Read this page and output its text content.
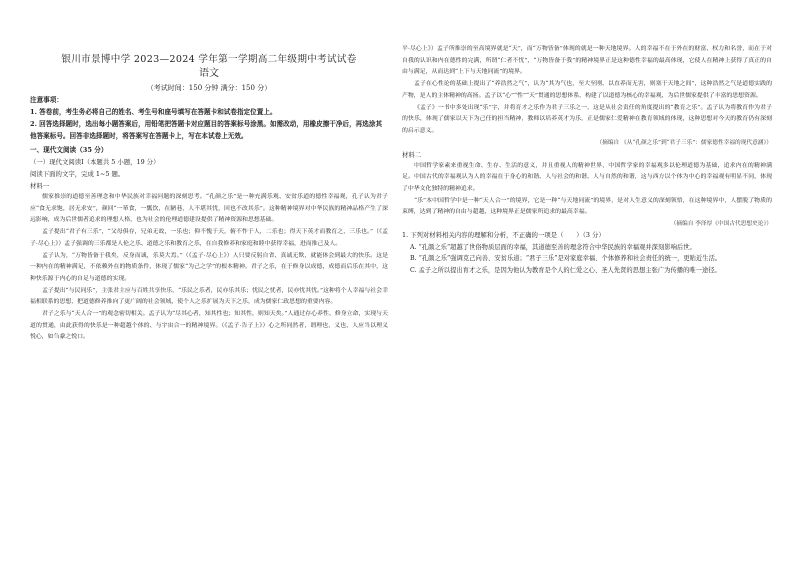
银川市景博中学 2023—2024 学年第一学期高二年级期中考试试卷
语文
（考试时间：150 分钟 满分：150 分）
注意事项：
1. 答卷前，考生务必将自己的姓名、考生号和座号填写在答题卡和试卷指定位置上。
2. 回答选择题时，选出每小题答案后，用铅笔把答题卡对应题目的答案标号涂黑。如需改动，用橡皮擦干净后，再选涂其他答案标号。回答非选择题时，将答案写在答题卡上，写在本试卷上无效。
一、现代文阅读（35 分）
（一）现代文阅读Ⅰ（本题共 5 小题，19 分）
阅读下面的文字，完成 1~5 题。
材料一

儒家推崇的道德至善理念和中华民族对幸福问题的深刻思考。“孔颜之乐”是一种充满乐观、安贫乐道的德性幸福观，孔子认为君子应“食无求饱，居无求安”，颜回“一箪食，一瓢饮，在陋巷，人不堪其忧，回也不改其乐”。这种精神境界对中华民族的精神品格产生了深远影响，成为后世儒者追求的理想人格，也为社会的伦理道德建设提供了精神资源和思想基础。

孟子提出“君子有三乐”，“父母俱存，兄弟无故，一乐也；仰不愧于天，俯不怍于人，二乐也；得天下英才而教育之，三乐也。”（《孟子·尽心上》）孟子强调的三乐都是人伦之乐、道德之乐和教育之乐，在自我修养和家庭和睦中获得幸福，进而推己及人。

孟子认为，“万物皆备于我矣，反身而诚，乐莫大焉。”（《孟子·尽心上》）人只要反躬自省、真诚无欺，就能体会到最大的快乐。这是一种内在的精神满足，不依赖外在的物质条件，体现了儒家“为己之学”的根本精神。君子之乐，在于修身以成德，成德而后乐在其中，这种快乐源于内心的自足与道德的实现。

孟子提出“与民同乐”，主张君主应与百姓共享快乐，“乐民之乐者，民亦乐其乐；忧民之忧者，民亦忧其忧。”这种将个人幸福与社会幸福相联系的思想，把道德修养推向了更广阔的社会领域，使个人之乐扩展为天下之乐，成为儒家仁政思想的重要内容。

君子之乐与“天人合一”的观念密切相关。孟子认为“尽其心者，知其性也；知其性，则知天矣。”人通过存心养性、修身立命，实现与天道的贯通，由此获得的快乐是一种超越个体的、与宇宙合一的精神境界。（《孟子·告子上》）心之所同然者，谓理也，义也，人应当以理义悦心，如刍豢之悦口。

平·尽心上》）孟子所推崇的至高境界就是“天”，而“万物皆备”体现的就是一种天地境界。人的幸福不在于外在的财富、权力和名誉，而在于对自我的认识和内在德性的完满，所谓“仁者不忧”，“万物皆备于我”的精神境界正是这种德性幸福的最高体现，它使人在精神上获得了真正的自由与满足，从而达到“上下与天地同流”的境界。

孟子在心性论的基础上提出了“养浩然之气”，认为“其为气也，至大至刚，以直养而无害，则塞于天地之间”，这种浩然之气是道德实践的产物，是人的主体精神的高扬。孟子以“心”“性”“天”贯通的思想体系，构建了以道德为核心的幸福观，为后世儒家提供了丰富的思想资源。

《孟子》一书中多处出现“乐”字，并将育才之乐作为君子三乐之一，这是从社会责任的角度提出的“教育之乐”。孟子认为将教育作为君子的快乐，体现了儒家以天下为己任的担当精神，教师以培养英才为乐，正是儒家仁爱精神在教育领域的体现，这种思想对今天的教育仍有深刻的启示意义。

（摘编自 《从“孔颜之乐”到“君子三乐”：儒家德性幸福的现代意涵》）
材料二

中国哲学家素来重视生命、生存、生活的意义，并且重视人的精神世界，中国哲学家的幸福观多以伦理道德为基础，追求内在的精神满足。中国古代的幸福观认为人的幸福在于身心的和谐、人与社会的和谐、人与自然的和谐，这与西方以个体为中心的幸福观有明显不同，体现了中华文化独特的精神追求。

“乐”本中国哲学中是一种“天人合一”的境界，它是一种“与天地同流”的境界，是对人生意义的深刻领悟，在这种境界中，人摆脱了物质的束缚，达到了精神的自由与超越，这种境界正是儒家所追求的最高幸福。

（摘编自 李泽厚《中国古代思想史论》）

1. 下列对材料相关内容的理解和分析，不正确的一项是（　　）（3 分）

A. “孔颜之乐”超越了世俗物质层面的幸福，其道德至善的理念符合中华民族的幸福观并深刻影响后世。

B. “孔颜之乐”强调克己向善、安贫乐道；“君子三乐”是对家庭幸福、个体修养和社会责任的统一，更贴近生活。

C. 孟子之所以提出育才之乐，是因为他认为教育是个人的仁爱之心、圣人先贤的思想主张广为传播的唯一途径。
